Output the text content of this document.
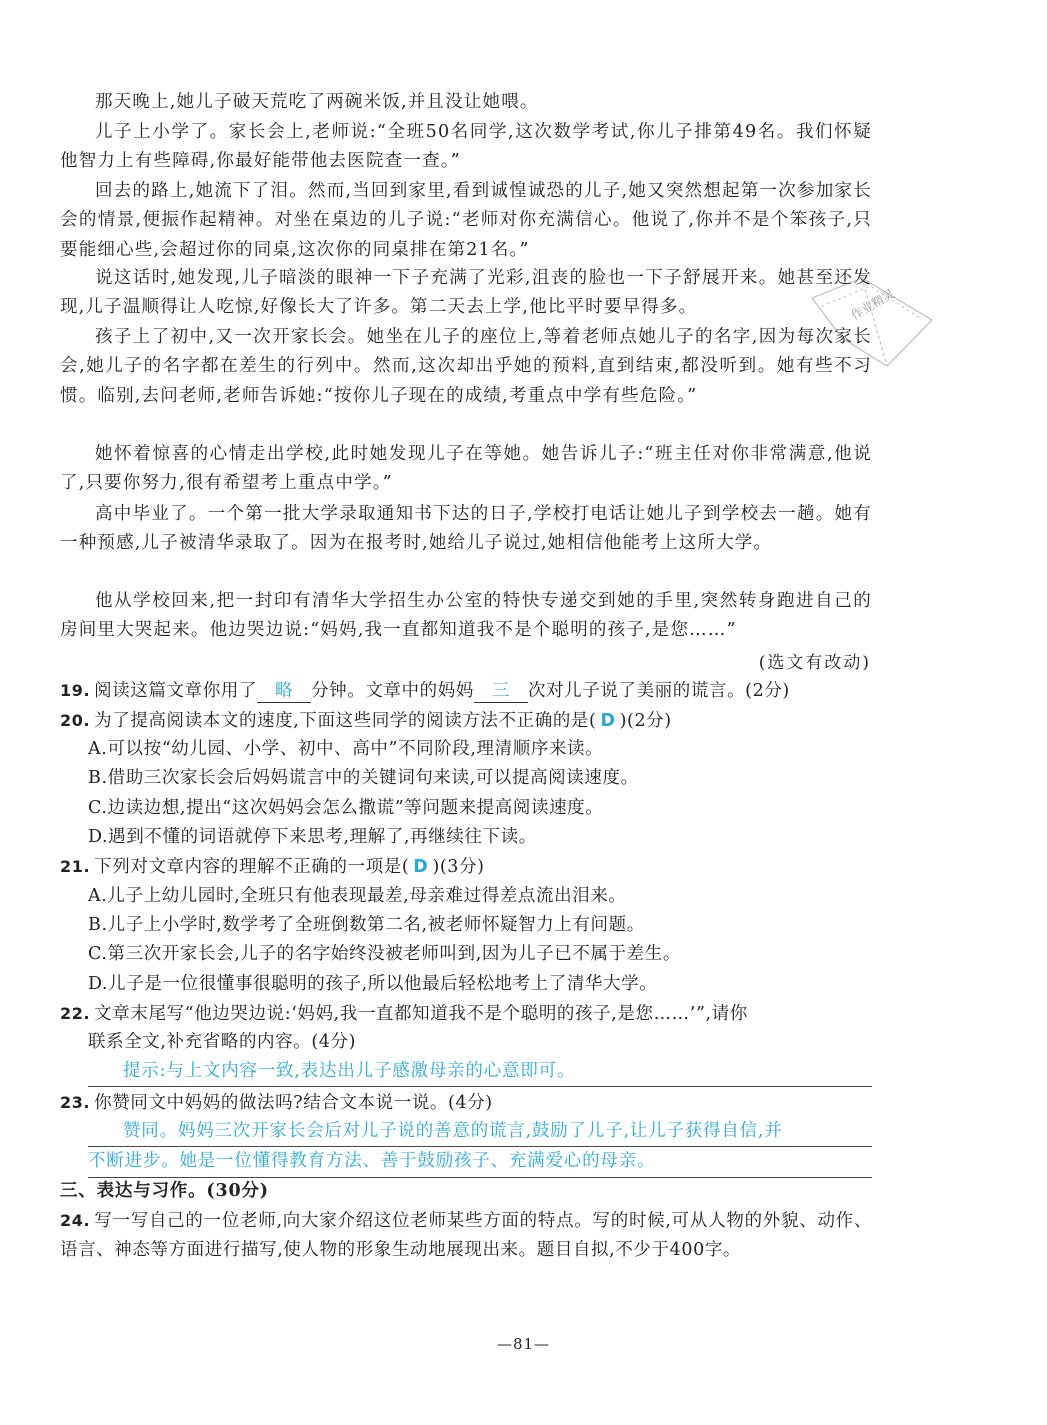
那天晚上,她儿子破天荒吃了两碗米饭,并且没让她喂。

儿子上小学了。家长会上,老师说:“全班50名同学,这次数学考试,你儿子排第49名。我们怀疑他智力上有些障碍,你最好能带他去医院查一查。”

回去的路上,她流下了泪。然而,当回到家里,看到诚惶诚恐的儿子,她又突然想起第一次参加家长会的情景,便振作起精神。对坐在桌边的儿子说:“老师对你充满信心。他说了,你并不是个笨孩子,只要能细心些,会超过你的同桌,这次你的同桌排在第21名。”

说这话时,她发现,儿子暗淡的眼神一下子充满了光彩,沮丧的脸也一下子舒展开来。她甚至还发现,儿子温顺得让人吃惊,好像长大了许多。第二天去上学,他比平时要早得多。

孩子上了初中,又一次开家长会。她坐在儿子的座位上,等着老师点她儿子的名字,因为每次家长会,她儿子的名字都在差生的行列中。然而,这次却出乎她的预料,直到结束,都没听到。她有些不习惯。临别,去问老师,老师告诉她:“按你儿子现在的成绩,考重点中学有些危险。”

她怀着惊喜的心情走出学校,此时她发现儿子在等她。她告诉儿子:“班主任对你非常满意,他说了,只要你努力,很有希望考上重点中学。”

高中毕业了。一个第一批大学录取通知书下达的日子,学校打电话让她儿子到学校去一趟。她有一种预感,儿子被清华录取了。因为在报考时,她给儿子说过,她相信他能考上这所大学。

他从学校回来,把一封印有清华大学招生办公室的特快专递交到她的手里,突然转身跑进自己的房间里大哭起来。他边哭边说:“妈妈,我一直都知道我不是个聪明的孩子,是您……”

(选文有改动)

19. 阅读这篇文章你用了 略 分钟。文章中的妈妈 三 次对儿子说了美丽的谎言。(2分)

20. 为了提高阅读本文的速度,下面这些同学的阅读方法不正确的是( D )(2分)

A.可以按“幼儿园、小学、初中、高中”不同阶段,理清顺序来读。

B.借助三次家长会后妈妈谎言中的关键词句来读,可以提高阅读速度。

C.边读边想,提出“这次妈妈会怎么撒谎”等问题来提高阅读速度。

D.遇到不懂的词语就停下来思考,理解了,再继续往下读。

21. 下列对文章内容的理解不正确的一项是( D )(3分)

A.儿子上幼儿园时,全班只有他表现最差,母亲难过得差点流出泪来。

B.儿子上小学时,数学考了全班倒数第二名,被老师怀疑智力上有问题。

C.第三次开家长会,儿子的名字始终没被老师叫到,因为儿子已不属于差生。

D.儿子是一位很懂事很聪明的孩子,所以他最后轻松地考上了清华大学。

22. 文章末尾写“他边哭边说:‘妈妈,我一直都知道我不是个聪明的孩子,是您……’”,请你

联系全文,补充省略的内容。(4分)

提示:与上文内容一致,表达出儿子感激母亲的心意即可。

23. 你赞同文中妈妈的做法吗?结合文本说一说。(4分)

赞同。妈妈三次开家长会后对儿子说的善意的谎言,鼓励了儿子,让儿子获得自信,并
不断进步。她是一位懂得教育方法、善于鼓励孩子、充满爱心的母亲。
三、表达与习作。(30分)

24. 写一写自己的一位老师,向大家介绍这位老师某些方面的特点。写的时候,可从人物的外貌、动作、语言、神态等方面进行描写,使人物的形象生动地展现出来。题目自拟,不少于400字。

—81—
作业精灵
